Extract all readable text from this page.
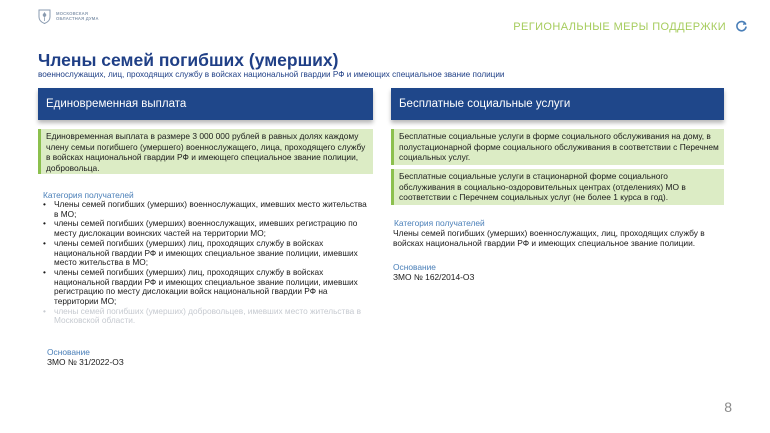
МОСКОВСКАЯ ОБЛАСТНАЯ ДУМА
РЕГИОНАЛЬНЫЕ МЕРЫ ПОДДЕРЖКИ
Члены семей погибших (умерших)
военнослужащих, лиц, проходящих службу в войсках национальной гвардии РФ и имеющих специальное звание полиции
Единовременная выплата
Единовременная выплата в размере 3 000 000 рублей в равных долях каждому члену семьи погибшего (умершего) военнослужащего, лица, проходящего службу в войсках национальной гвардии РФ и имеющего специальное звание полиции, добровольца.
Категория получателей
• Члены семей погибших (умерших) военнослужащих, имевших место жительства в МО;
• члены семей погибших (умерших) военнослужащих, имевших регистрацию по месту дислокации воинских частей на территории МО;
• члены семей погибших (умерших) лиц, проходящих службу в войсках национальной гвардии РФ и имеющих специальное звание полиции, имевших место жительства в МО;
• члены семей погибших (умерших) лиц, проходящих службу в войсках национальной гвардии РФ и имеющих специальное звание полиции, имевших регистрацию по месту дислокации войск национальной гвардии РФ на территории МО;
• члены семей погибших (умерших) добровольцев, имевших место жительства в Московской области.
Основание
ЗМО № 31/2022-ОЗ
Бесплатные социальные услуги
Бесплатные социальные услуги в форме социального обслуживания на дому, в полустационарной форме социального обслуживания в соответствии с Перечнем социальных услуг.
Бесплатные социальные услуги в стационарной форме социального обслуживания в социально-оздоровительных центрах (отделениях) МО в соответствии с Перечнем социальных услуг (не более 1 курса в год).
Категория получателей
Члены семей погибших (умерших) военнослужащих, лиц, проходящих службу в войсках национальной гвардии РФ и имеющих специальное звание полиции.
Основание
ЗМО № 162/2014-ОЗ
8
